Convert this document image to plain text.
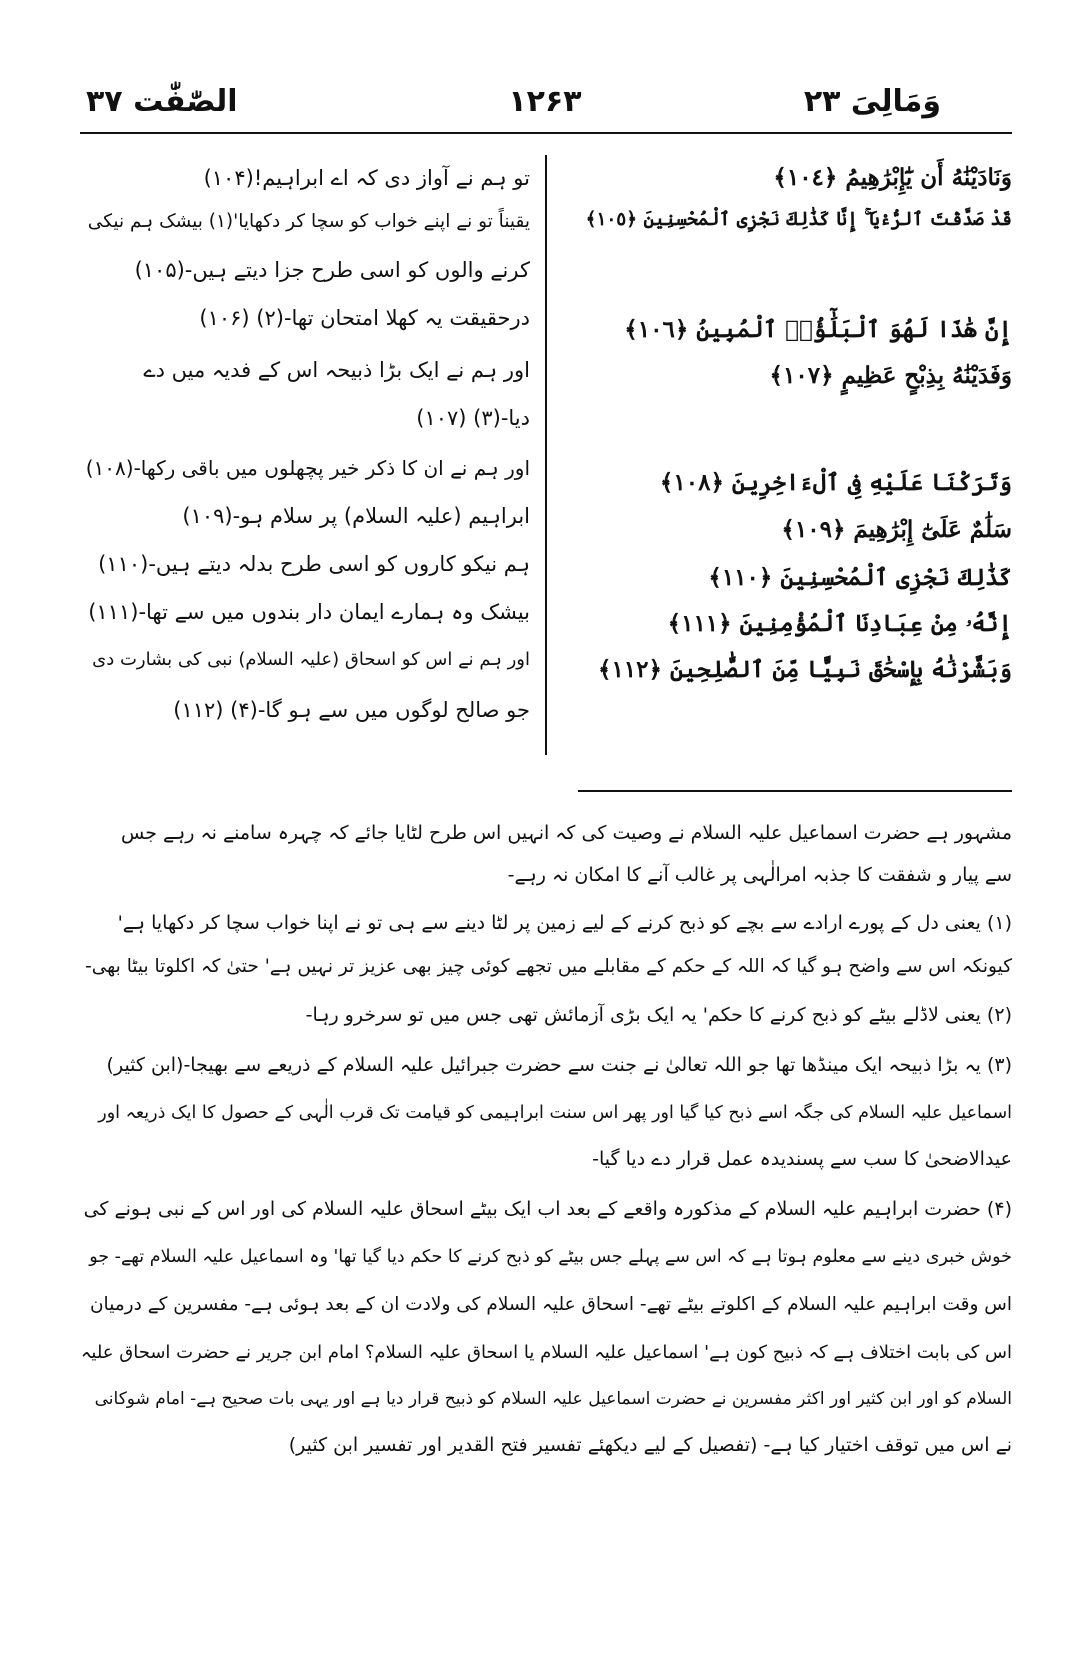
وَمَالِیَ ۲۳
۱۲۶۳
الصّٰفّٰت ۳۷
وَنَادَيْنَٰهُ أَن يَٰٓإِبْرَٰهِيمُ ﴿١٠٤﴾
قَدْ صَدَّقْتَ ٱلرُّءْيَآ ۚ إِنَّا كَذَٰلِكَ نَجْزِى ٱلْمُحْسِنِينَ ﴿١٠٥﴾
إِنَّ هَٰذَا لَهُوَ ٱلْبَلَٰٓؤُا۟ ٱلْمُبِينُ ﴿١٠٦﴾
وَفَدَيْنَٰهُ بِذِبْحٍ عَظِيمٍ ﴿١٠٧﴾
وَتَرَكْنَا عَلَيْهِ فِى ٱلْءَاخِرِينَ ﴿١٠٨﴾
سَلَٰمٌ عَلَىٰٓ إِبْرَٰهِيمَ ﴿١٠٩﴾
كَذَٰلِكَ نَجْزِى ٱلْمُحْسِنِينَ ﴿١١٠﴾
إِنَّهُۥ مِنْ عِبَادِنَا ٱلْمُؤْمِنِينَ ﴿١١١﴾
وَبَشَّرْنَٰهُ بِإِسْحَٰقَ نَبِيًّا مِّنَ ٱلصَّٰلِحِينَ ﴿١١٢﴾
تو ہم نے آواز دی کہ اے ابراہیم!(۱۰۴)
یقیناً تو نے اپنے خواب کو سچا کر دکھایا'(۱) بیشک ہم نیکی
کرنے والوں کو اسی طرح جزا دیتے ہیں-(۱۰۵)
درحقیقت یہ کھلا امتحان تھا-(۲) (۱۰۶)
اور ہم نے ایک بڑا ذبیحہ اس کے فدیہ میں دے
دیا-(۳) (۱۰۷)
اور ہم نے ان کا ذکر خیر پچھلوں میں باقی رکھا-(۱۰۸)
ابراہیم (علیہ السلام) پر سلام ہو-(۱۰۹)
ہم نیکو کاروں کو اسی طرح بدلہ دیتے ہیں-(۱۱۰)
بیشک وہ ہمارے ایمان دار بندوں میں سے تھا-(۱۱۱)
اور ہم نے اس کو اسحاق (علیہ السلام) نبی کی بشارت دی
جو صالح لوگوں میں سے ہو گا-(۴) (۱۱۲)
مشہور ہے حضرت اسماعیل علیہ السلام نے وصیت کی کہ انہیں اس طرح لٹایا جائے کہ چہرہ سامنے نہ رہے جس
سے پیار و شفقت کا جذبہ امرالٰہی پر غالب آنے کا امکان نہ رہے-
(۱) یعنی دل کے پورے ارادے سے بچے کو ذبح کرنے کے لیے زمین پر لٹا دینے سے ہی تو نے اپنا خواب سچا کر دکھایا ہے'
کیونکہ اس سے واضح ہو گیا کہ اللہ کے حکم کے مقابلے میں تجھے کوئی چیز بھی عزیز تر نہیں ہے' حتیٰ کہ اکلوتا بیٹا بھی-
(۲) یعنی لاڈلے بیٹے کو ذبح کرنے کا حکم' یہ ایک بڑی آزمائش تھی جس میں تو سرخرو رہا-
(۳) یہ بڑا ذبیحہ ایک مینڈھا تھا جو اللہ تعالیٰ نے جنت سے حضرت جبرائیل علیہ السلام کے ذریعے سے بھیجا-(ابن کثیر)
اسماعیل علیہ السلام کی جگہ اسے ذبح کیا گیا اور پھر اس سنت ابراہیمی کو قیامت تک قرب الٰہی کے حصول کا ایک ذریعہ اور
عیدالاضحیٰ کا سب سے پسندیدہ عمل قرار دے دیا گیا-
(۴) حضرت ابراہیم علیہ السلام کے مذکورہ واقعے کے بعد اب ایک بیٹے اسحاق علیہ السلام کی اور اس کے نبی ہونے کی
خوش خبری دینے سے معلوم ہوتا ہے کہ اس سے پہلے جس بیٹے کو ذبح کرنے کا حکم دیا گیا تھا' وہ اسماعیل علیہ السلام تھے- جو
اس وقت ابراہیم علیہ السلام کے اکلوتے بیٹے تھے- اسحاق علیہ السلام کی ولادت ان کے بعد ہوئی ہے- مفسرین کے درمیان
اس کی بابت اختلاف ہے کہ ذبیح کون ہے' اسماعیل علیہ السلام یا اسحاق علیہ السلام؟ امام ابن جریر نے حضرت اسحاق علیہ
السلام کو اور ابن کثیر اور اکثر مفسرین نے حضرت اسماعیل علیہ السلام کو ذبیح قرار دیا ہے اور یہی بات صحیح ہے- امام شوکانی
نے اس میں توقف اختیار کیا ہے- (تفصیل کے لیے دیکھئے تفسیر فتح القدیر اور تفسیر ابن کثیر)
